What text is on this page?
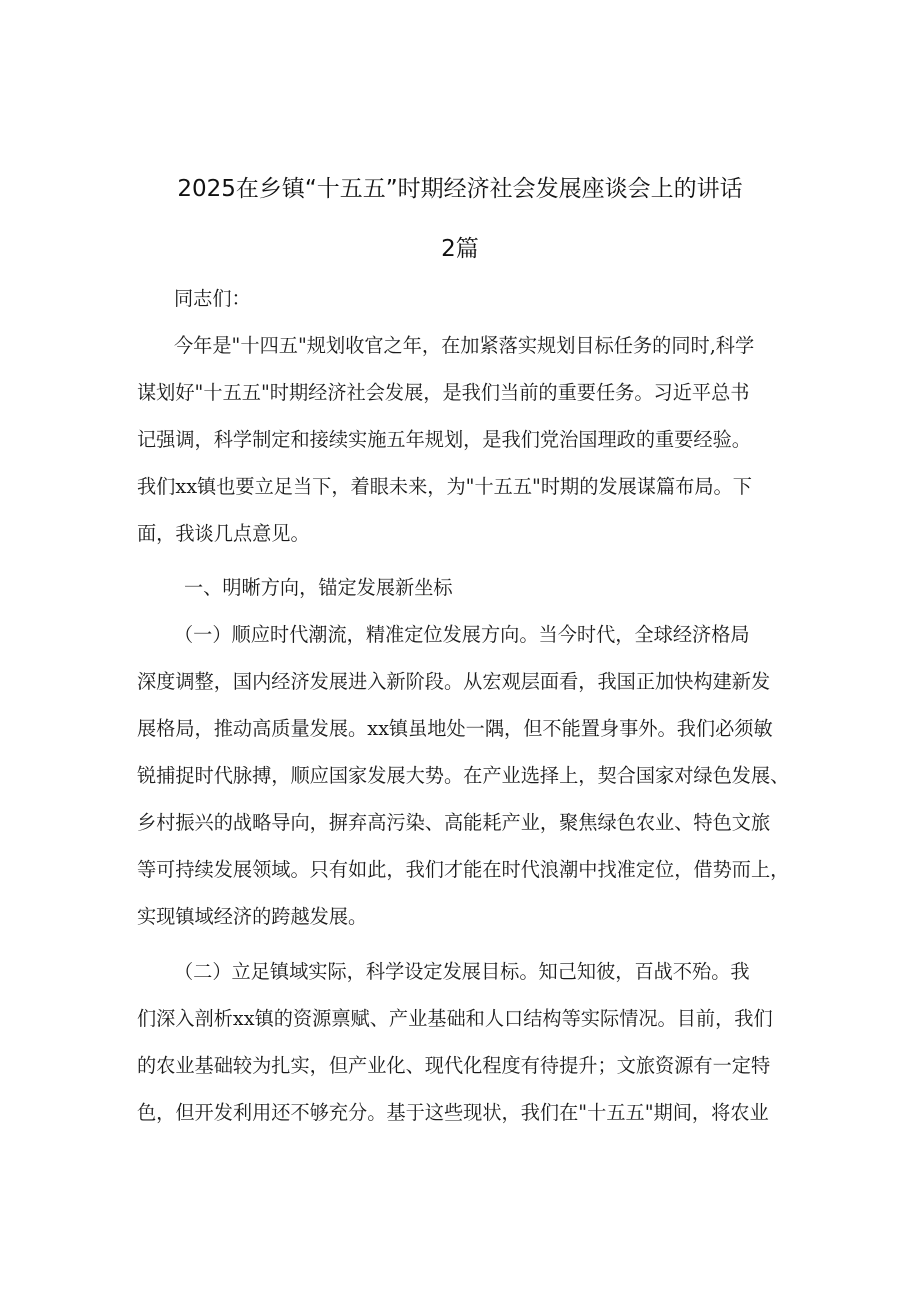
2025在乡镇“十五五”时期经济社会发展座谈会上的讲话
2篇
同志们：
今年是"十四五"规划收官之年，在加紧落实规划目标任务的同时,科学
谋划好"十五五"时期经济社会发展，是我们当前的重要任务。习近平总书
记强调，科学制定和接续实施五年规划，是我们党治国理政的重要经验。
我们xx镇也要立足当下，着眼未来，为"十五五"时期的发展谋篇布局。下
面，我谈几点意见。
一、明晰方向，锚定发展新坐标
（一）顺应时代潮流，精准定位发展方向。当今时代，全球经济格局
深度调整，国内经济发展进入新阶段。从宏观层面看，我国正加快构建新发
展格局，推动高质量发展。xx镇虽地处一隅，但不能置身事外。我们必须敏
锐捕捉时代脉搏，顺应国家发展大势。在产业选择上，契合国家对绿色发展、
乡村振兴的战略导向，摒弃高污染、高能耗产业，聚焦绿色农业、特色文旅
等可持续发展领域。只有如此，我们才能在时代浪潮中找准定位，借势而上，
实现镇域经济的跨越发展。
（二）立足镇域实际，科学设定发展目标。知己知彼，百战不殆。我
们深入剖析xx镇的资源禀赋、产业基础和人口结构等实际情况。目前，我们
的农业基础较为扎实，但产业化、现代化程度有待提升；文旅资源有一定特
色，但开发利用还不够充分。基于这些现状，我们在"十五五"期间，将农业
